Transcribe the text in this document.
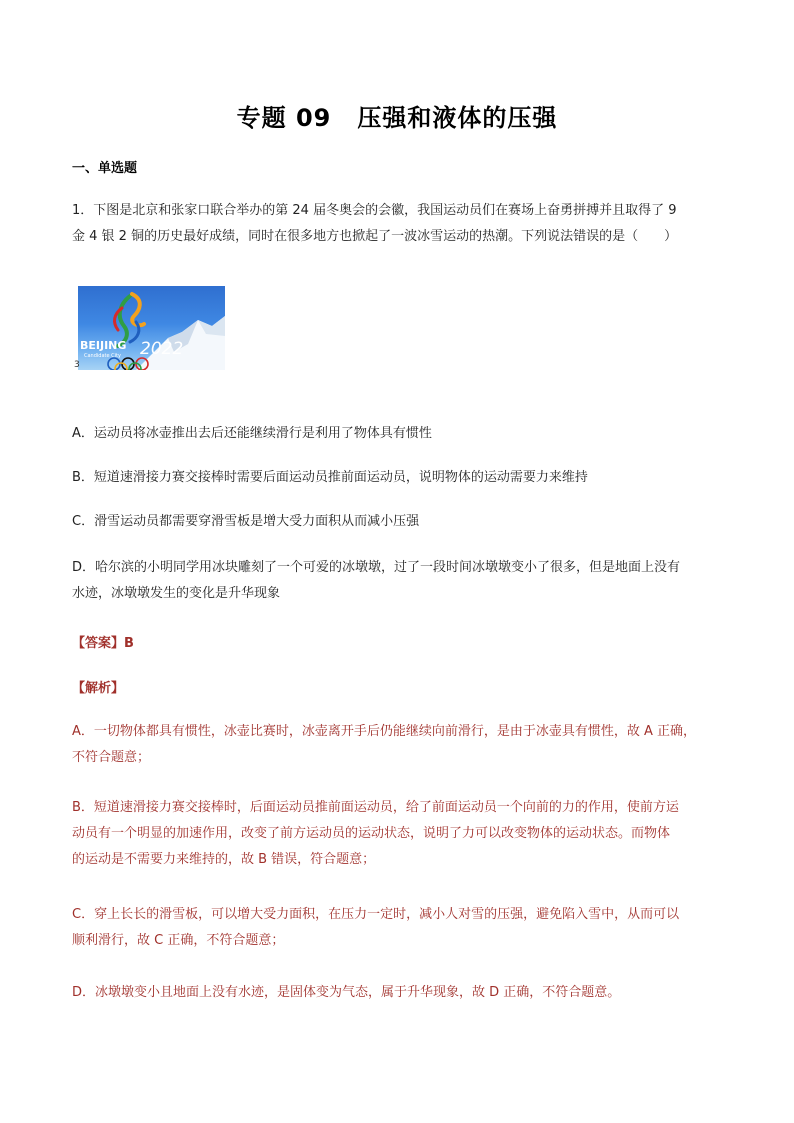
专题 09 压强和液体的压强
一、单选题
1．下图是北京和张家口联合举办的第 24 届冬奥会的会徽，我国运动员们在赛场上奋勇拼搏并且取得了 9
金 4 银 2 铜的历史最好成绩，同时在很多地方也掀起了一波冰雪运动的热潮。下列说法错误的是（　　）
BEIJING
Candidate City 2022
3
A．运动员将冰壶推出去后还能继续滑行是利用了物体具有惯性
B．短道速滑接力赛交接棒时需要后面运动员推前面运动员，说明物体的运动需要力来维持
C．滑雪运动员都需要穿滑雪板是增大受力面积从而减小压强
D．哈尔滨的小明同学用冰块雕刻了一个可爱的冰墩墩，过了一段时间冰墩墩变小了很多，但是地面上没有
水迹，冰墩墩发生的变化是升华现象
【答案】B
【解析】
A．一切物体都具有惯性，冰壶比赛时，冰壶离开手后仍能继续向前滑行，是由于冰壶具有惯性，故 A 正确，
不符合题意；
B．短道速滑接力赛交接棒时，后面运动员推前面运动员，给了前面运动员一个向前的力的作用，使前方运
动员有一个明显的加速作用，改变了前方运动员的运动状态，说明了力可以改变物体的运动状态。而物体
的运动是不需要力来维持的，故 B 错误，符合题意；
C．穿上长长的滑雪板，可以增大受力面积，在压力一定时，减小人对雪的压强，避免陷入雪中，从而可以
顺利滑行，故 C 正确，不符合题意；
D．冰墩墩变小且地面上没有水迹，是固体变为气态，属于升华现象，故 D 正确，不符合题意。
